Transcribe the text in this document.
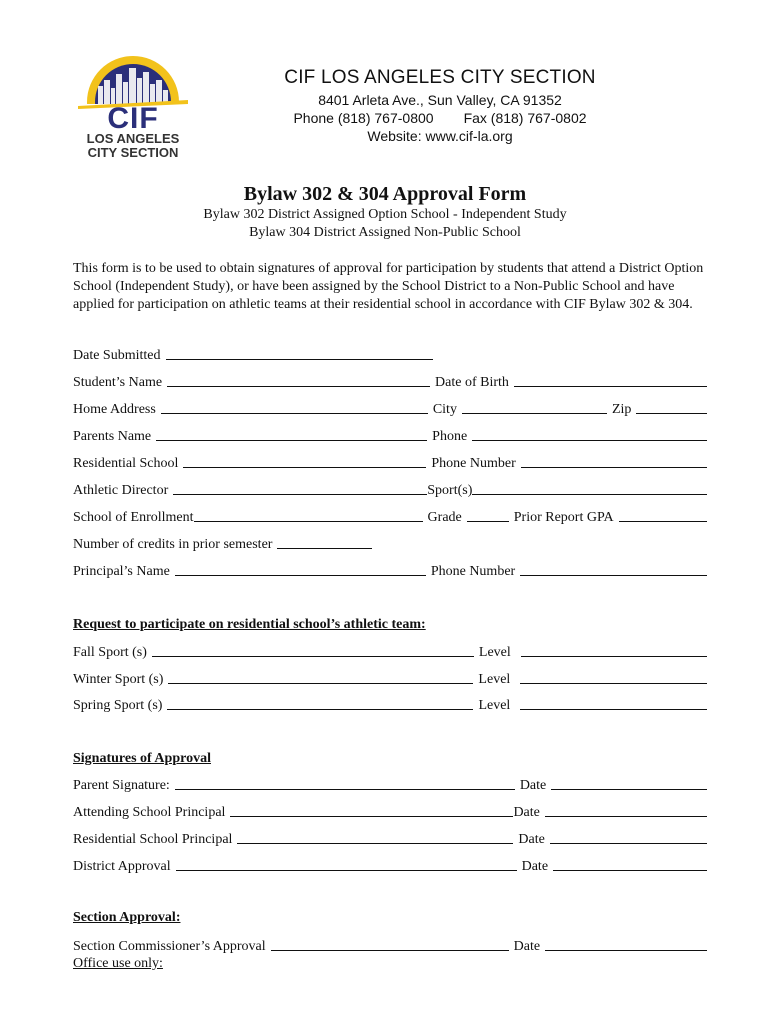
CIF
LOS ANGELES
CITY SECTION
CIF LOS ANGELES CITY SECTION
8401 Arleta Ave., Sun Valley, CA 91352
Phone (818) 767-0800 Fax (818) 767-0802
Website: www.cif-la.org
Bylaw 302 & 304 Approval Form
Bylaw 302 District Assigned Option School - Independent Study
Bylaw 304 District Assigned Non-Public School
This form is to be used to obtain signatures of approval for participation by students that attend a District Option School (Independent Study), or have been assigned by the School District to a Non-Public School and have applied for participation on athletic teams at their residential school in accordance with CIF Bylaw 302 & 304.
Date Submitted
Student’s Name	Date of Birth
Home Address	City	Zip
Parents Name	Phone
Residential School	Phone Number
Athletic Director	Sport(s)
School of Enrollment	Grade	Prior Report GPA
Number of credits in prior semester
Principal’s Name	Phone Number
Request to participate on residential school’s athletic team:
Fall Sport (s)	Level
Winter Sport (s)	Level
Spring Sport (s)	Level
Signatures of Approval
Parent Signature:	Date
Attending School Principal	Date
Residential School Principal	Date
District Approval	Date
Section Approval:
Section Commissioner’s Approval	Date
Office use only:
